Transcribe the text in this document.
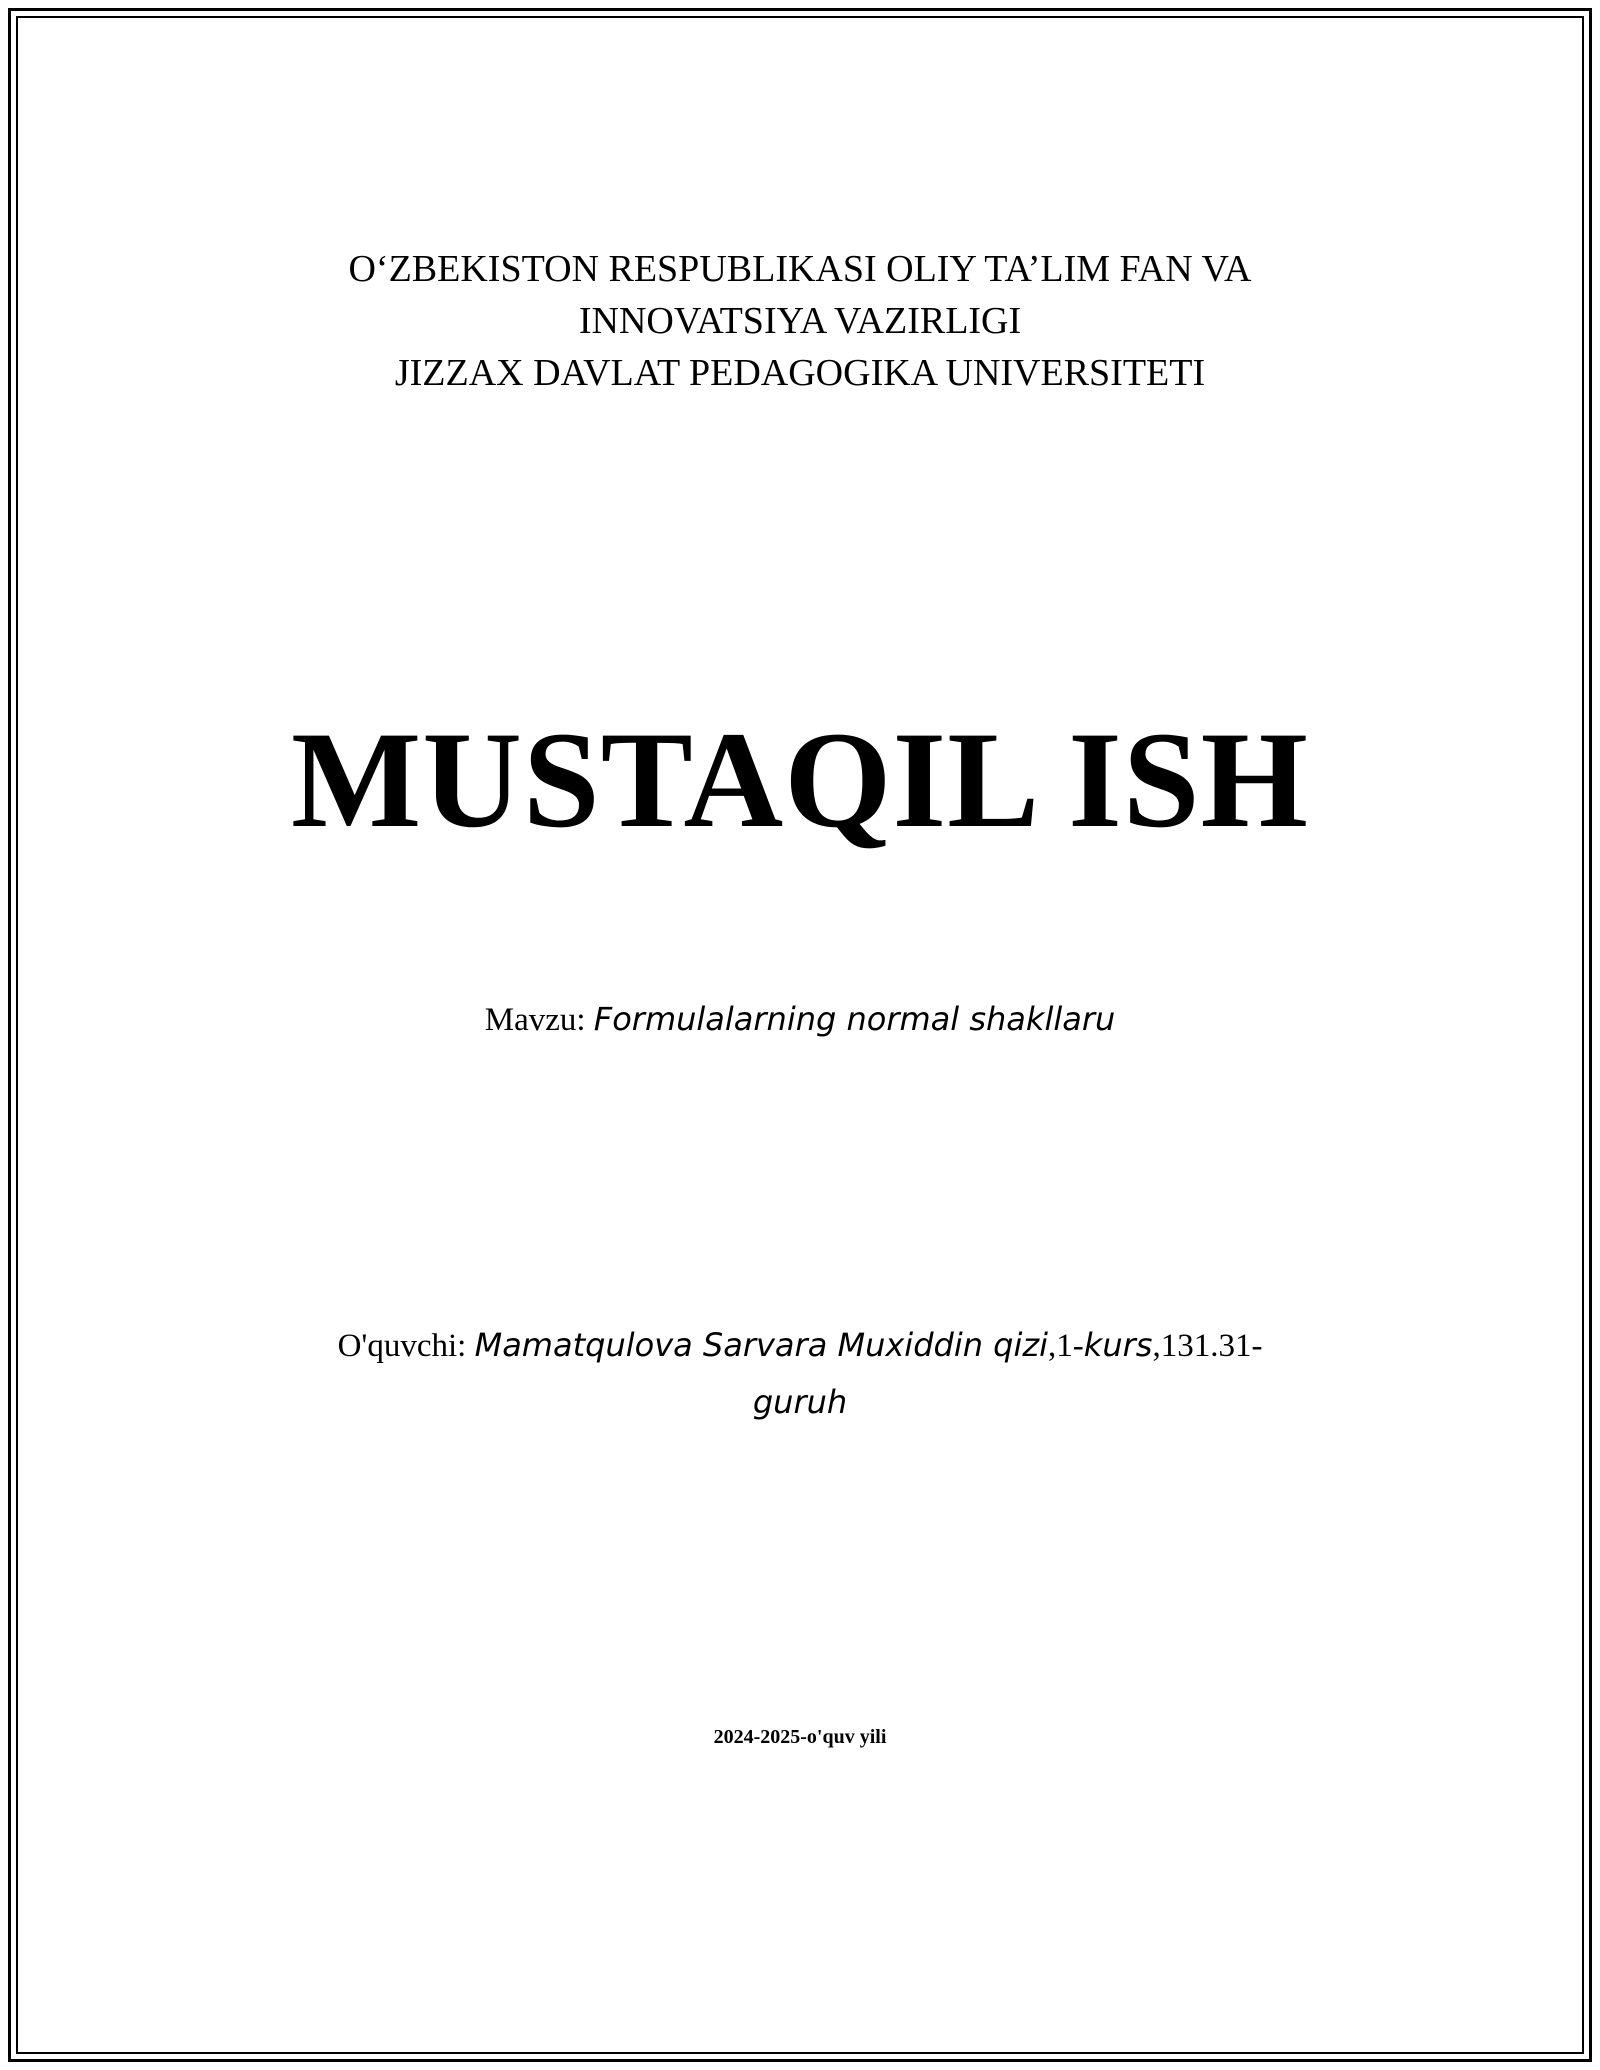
O‘ZBEKISTON RESPUBLIKASI OLIY TA’LIM FAN VA
INNOVATSIYA VAZIRLIGI
JIZZAX DAVLAT PEDAGOGIKA UNIVERSITETI
MUSTAQIL ISH
Mavzu: Formulalarning normal shakllaru
O'quvchi: Mamatqulova Sarvara Muxiddin qizi,1-kurs,131.31-
guruh
2024-2025-o'quv yili
